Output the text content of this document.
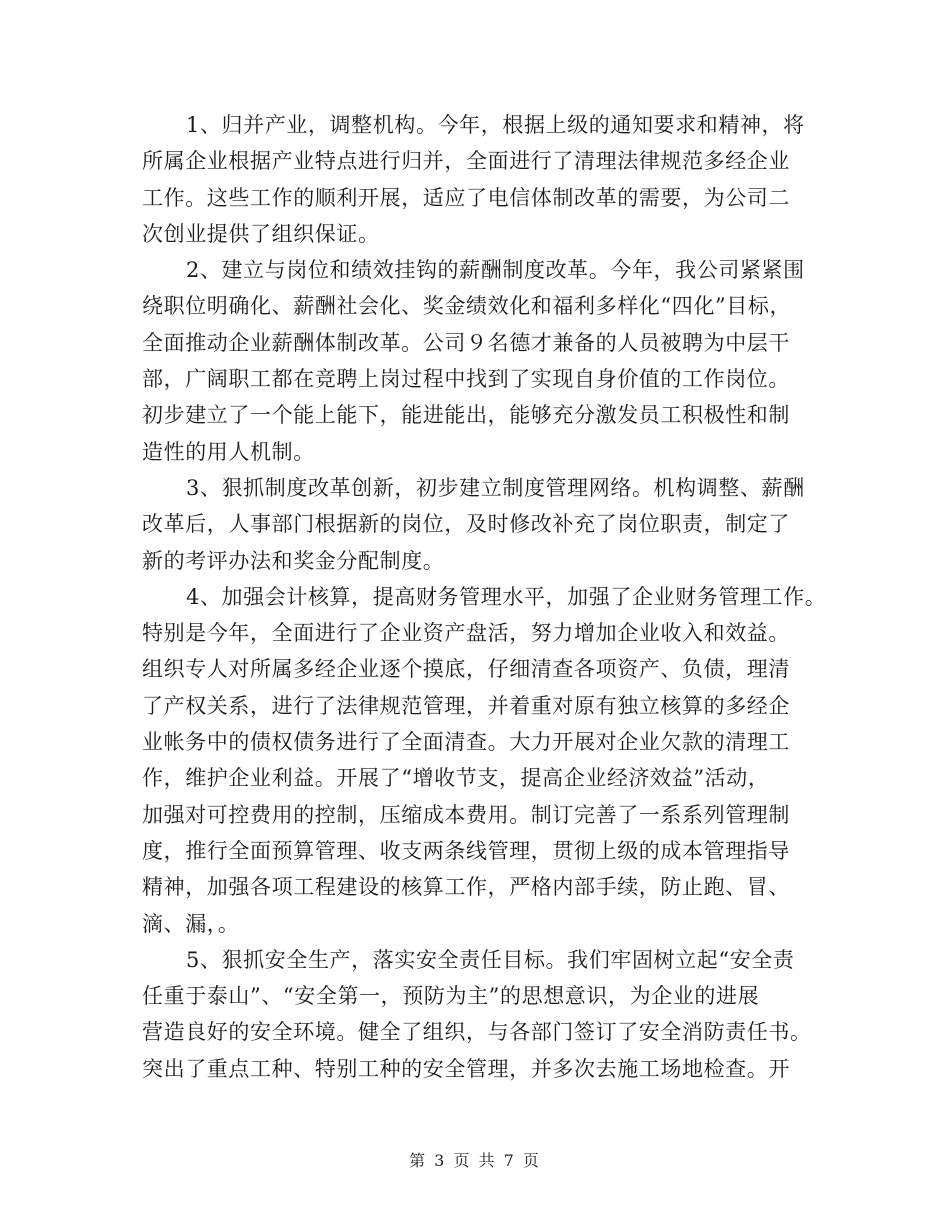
1、归并产业，调整机构。今年，根据上级的通知要求和精神，将
所属企业根据产业特点进行归并，全面进行了清理法律规范多经企业
工作。这些工作的顺利开展，适应了电信体制改革的需要，为公司二
次创业提供了组织保证。
2、建立与岗位和绩效挂钩的薪酬制度改革。今年，我公司紧紧围
绕职位明确化、薪酬社会化、奖金绩效化和福利多样化“四化”目标，
全面推动企业薪酬体制改革。公司９名德才兼备的人员被聘为中层干
部，广阔职工都在竞聘上岗过程中找到了实现自身价值的工作岗位。
初步建立了一个能上能下，能进能出，能够充分激发员工积极性和制
造性的用人机制。
3、狠抓制度改革创新，初步建立制度管理网络。机构调整、薪酬
改革后，人事部门根据新的岗位，及时修改补充了岗位职责，制定了
新的考评办法和奖金分配制度。
4、加强会计核算，提高财务管理水平，加强了企业财务管理工作。
特别是今年，全面进行了企业资产盘活，努力增加企业收入和效益。
组织专人对所属多经企业逐个摸底，仔细清查各项资产、负债，理清
了产权关系，进行了法律规范管理，并着重对原有独立核算的多经企
业帐务中的债权债务进行了全面清查。大力开展对企业欠款的清理工
作，维护企业利益。开展了“增收节支，提高企业经济效益”活动，
加强对可控费用的控制，压缩成本费用。制订完善了一系系列管理制
度，推行全面预算管理、收支两条线管理，贯彻上级的成本管理指导
精神，加强各项工程建设的核算工作，严格内部手续，防止跑、冒、
滴、漏，。
5、狠抓安全生产，落实安全责任目标。我们牢固树立起“安全责
任重于泰山”、“安全第一，预防为主”的思想意识，为企业的进展
营造良好的安全环境。健全了组织，与各部门签订了安全消防责任书。
突出了重点工种、特别工种的安全管理，并多次去施工场地检查。开
第 3 页 共 7 页
